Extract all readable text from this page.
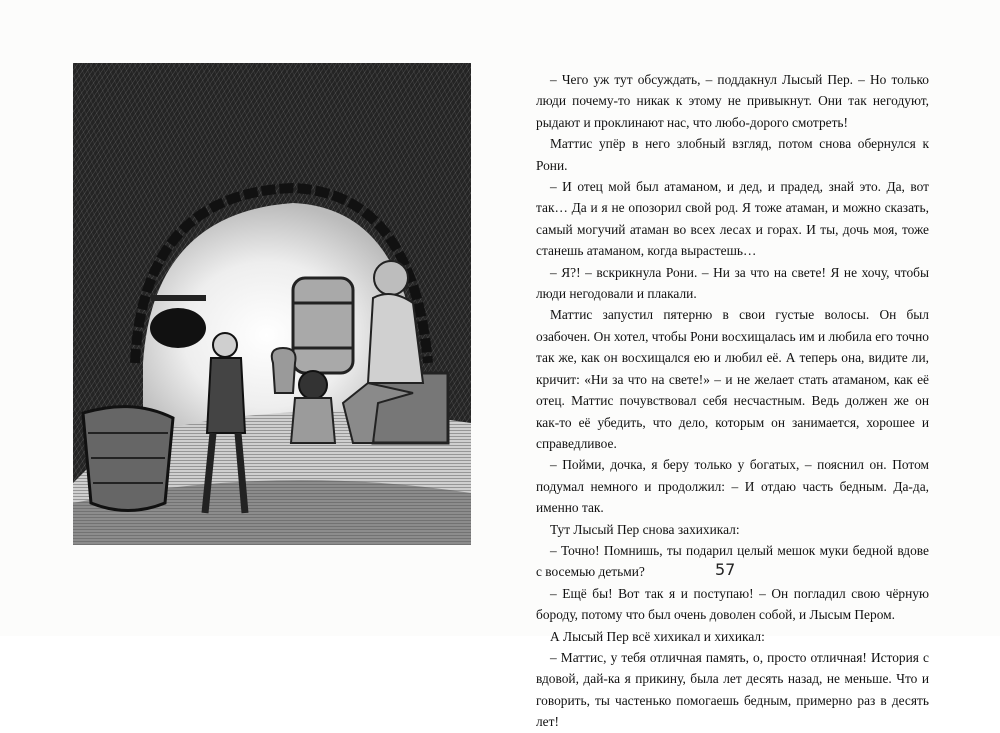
– Чего уж тут обсуждать, – поддакнул Лысый Пер. – Но только люди почему-то никак к этому не привыкнут. Они так негодуют, рыдают и проклинают нас, что любо-дорого смотреть!

Маттис упёр в него злобный взгляд, потом снова обернулся к Рони.

– И отец мой был атаманом, и дед, и прадед, знай это. Да, вот так… Да и я не опозорил свой род. Я тоже атаман, и можно сказать, самый могучий атаман во всех лесах и горах. И ты, дочь моя, тоже станешь атаманом, когда вырастешь…

– Я?! – вскрикнула Рони. – Ни за что на свете! Я не хочу, чтобы люди негодовали и плакали.

Маттис запустил пятерню в свои густые волосы. Он был озабочен. Он хотел, чтобы Рони восхищалась им и любила его точно так же, как он восхищался ею и любил её. А теперь она, видите ли, кричит: «Ни за что на свете!» – и не желает стать атаманом, как её отец. Маттис почувствовал себя несчастным. Ведь должен же он как-то её убедить, что дело, которым он занимается, хорошее и справедливое.

– Пойми, дочка, я беру только у богатых, – пояснил он. Потом подумал немного и продолжил: – И отдаю часть бедным. Да-да, именно так.

Тут Лысый Пер снова захихикал:

– Точно! Помнишь, ты подарил целый мешок муки бедной вдове с восемью детьми?

– Ещё бы! Вот так я и поступаю! – Он погладил свою чёрную бороду, потому что был очень доволен собой, и Лысым Пером.

А Лысый Пер всё хихикал и хихикал:

– Маттис, у тебя отличная память, о, просто отличная! История с вдовой, дай-ка я прикину, была лет десять назад, не меньше. Что и говорить, ты частенько помогаешь бедным, примерно раз в десять лет!

57
